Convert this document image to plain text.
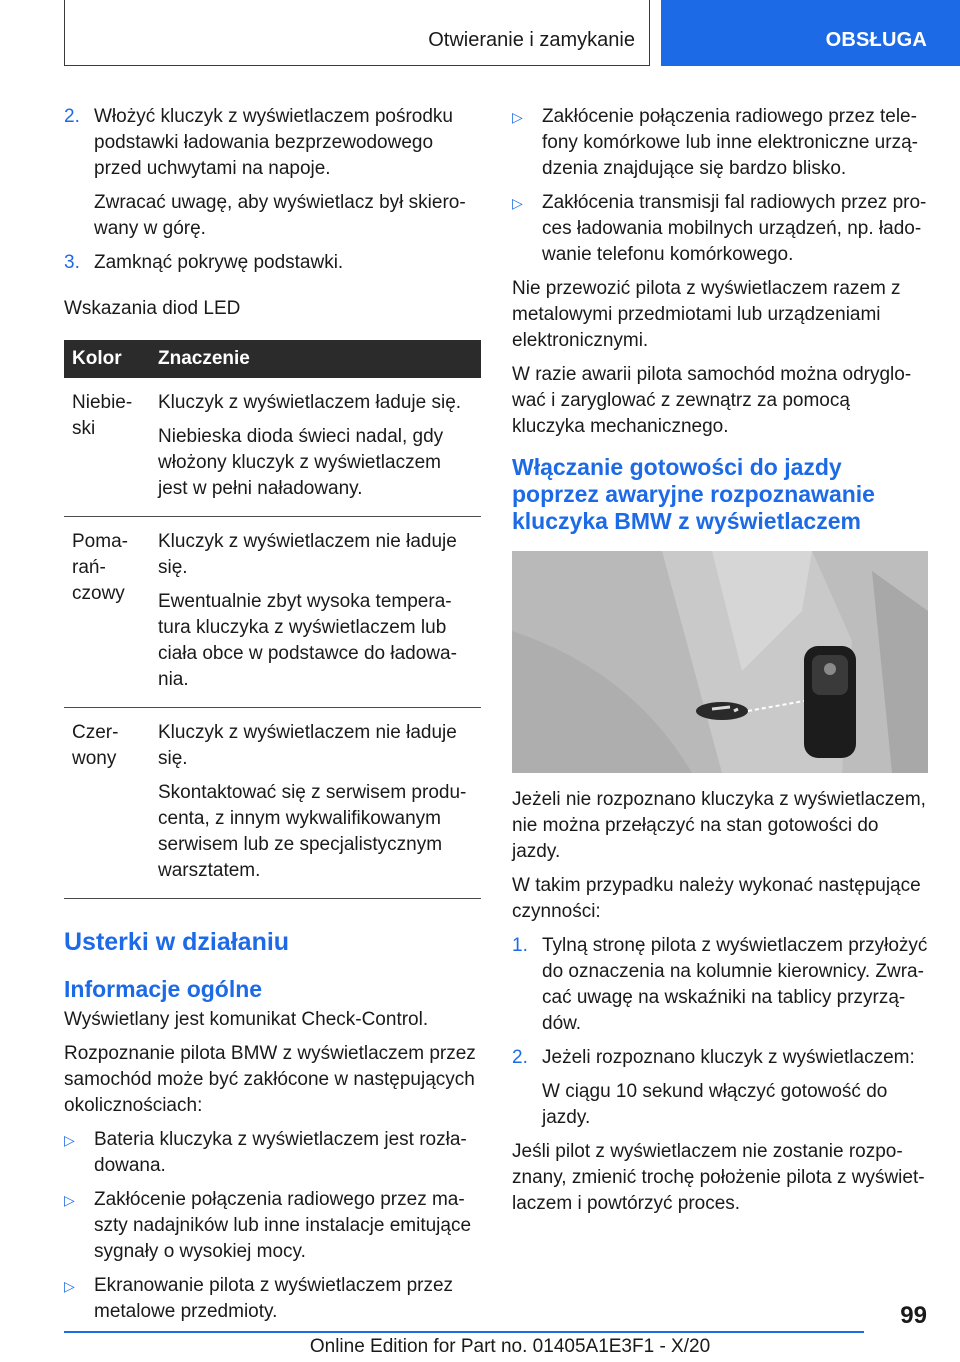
Otwieranie i zamykanie	OBSŁUGA
2. Włożyć kluczyk z wyświetlaczem pośrodku podstawki ładowania bezprzewodowego przed uchwytami na napoje.
Zwracać uwagę, aby wyświetlacz był skiero- wany w górę.
3. Zamknąć pokrywę podstawki.
Wskazania diod LED
Kolor	Znaczenie
Niebie- ski	Kluczyk z wyświetlaczem ładuje się.

Niebieska dioda świeci nadal, gdy włożony kluczyk z wyświetlaczem jest w pełni naładowany.

Poma- rań- czowy	Kluczyk z wyświetlaczem nie ładuje się.

Ewentualnie zbyt wysoka tempera- tura kluczyka z wyświetlaczem lub ciała obce w podstawce do ładowa- nia.

Czer- wony	Kluczyk z wyświetlaczem nie ładuje się.

Skontaktować się z serwisem produ- centa, z innym wykwalifikowanym serwisem lub ze specjalistycznym warsztatem.

Usterki w działaniu
Informacje ogólne

Wyświetlany jest komunikat Check-Control.

Rozpoznanie pilota BMW z wyświetlaczem przez samochód może być zakłócone w następujących okolicznościach:

▷ Bateria kluczyka z wyświetlaczem jest rozła- dowana.
▷ Zakłócenie połączenia radiowego przez ma- szty nadajników lub inne instalacje emitujące sygnały o wysokiej mocy.
▷ Ekranowanie pilota z wyświetlaczem przez metalowe przedmioty.
▷ Zakłócenie połączenia radiowego przez tele- fony komórkowe lub inne elektroniczne urzą- dzenia znajdujące się bardzo blisko.
▷ Zakłócenia transmisji fal radiowych przez pro- ces ładowania mobilnych urządzeń, np. łado- wanie telefonu komórkowego.

Nie przewozić pilota z wyświetlaczem razem z metalowymi przedmiotami lub urządzeniami elektronicznymi.

W razie awarii pilota samochód można odryglo- wać i zaryglować z zewnątrz za pomocą kluczyka mechanicznego.

Włączanie gotowości do jazdy poprzez awaryjne rozpoznawanie kluczyka BMW z wyświetlaczem

Jeżeli nie rozpoznano kluczyka z wyświetlaczem, nie można przełączyć na stan gotowości do jazdy.

W takim przypadku należy wykonać następujące czynności:

1. Tylną stronę pilota z wyświetlaczem przyłożyć do oznaczenia na kolumnie kierownicy. Zwra- cać uwagę na wskaźniki na tablicy przyrzą- dów.
2. Jeżeli rozpoznano kluczyk z wyświetlaczem:
W ciągu 10 sekund włączyć gotowość do jazdy.

Jeśli pilot z wyświetlaczem nie zostanie rozpo- znany, zmienić trochę położenie pilota z wyświet- laczem i powtórzyć proces.

99
Online Edition for Part no. 01405A1E3F1 - X/20
